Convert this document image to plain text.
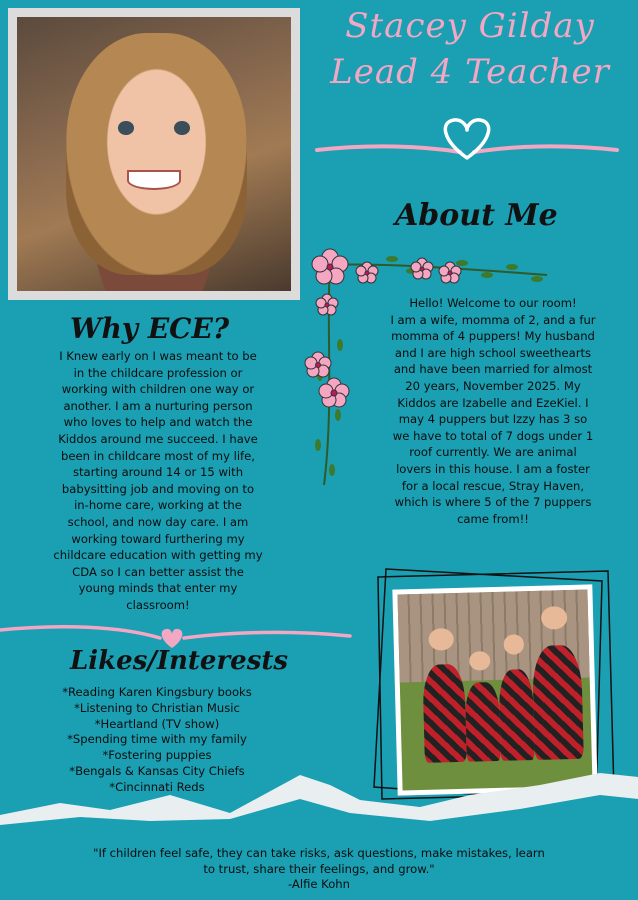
Stacey Gilday
Lead 4 Teacher
About Me
Hello! Welcome to our room!
I am a wife, momma of 2, and a fur
momma of 4 puppers! My husband
and I are high school sweethearts
and have been married for almost
20 years, November 2025. My
Kiddos are Izabelle and EzeKiel. I
may 4 puppers but Izzy has 3 so
we have to total of 7 dogs under 1
roof currently. We are animal
lovers in this house. I am a foster
for a local rescue, Stray Haven,
which is where 5 of the 7 puppers
came from!!
Why ECE?
I Knew early on I was meant to be
in the childcare profession or
working with children one way or
another. I am a nurturing person
who loves to help and watch the
Kiddos around me succeed. I have
been in childcare most of my life,
starting around 14 or 15 with
babysitting job and moving on to
in-home care, working at the
school, and now day care. I am
working toward furthering my
childcare education with getting my
CDA so I can better assist the
young minds that enter my
classroom!
Likes/Interests
*Reading Karen Kingsbury books
*Listening to Christian Music
*Heartland (TV show)
*Spending time with my family
*Fostering puppies
*Bengals & Kansas City Chiefs
*Cincinnati Reds
"If children feel safe, they can take risks, ask questions, make mistakes, learn
to trust, share their feelings, and grow."
-Alfie Kohn
